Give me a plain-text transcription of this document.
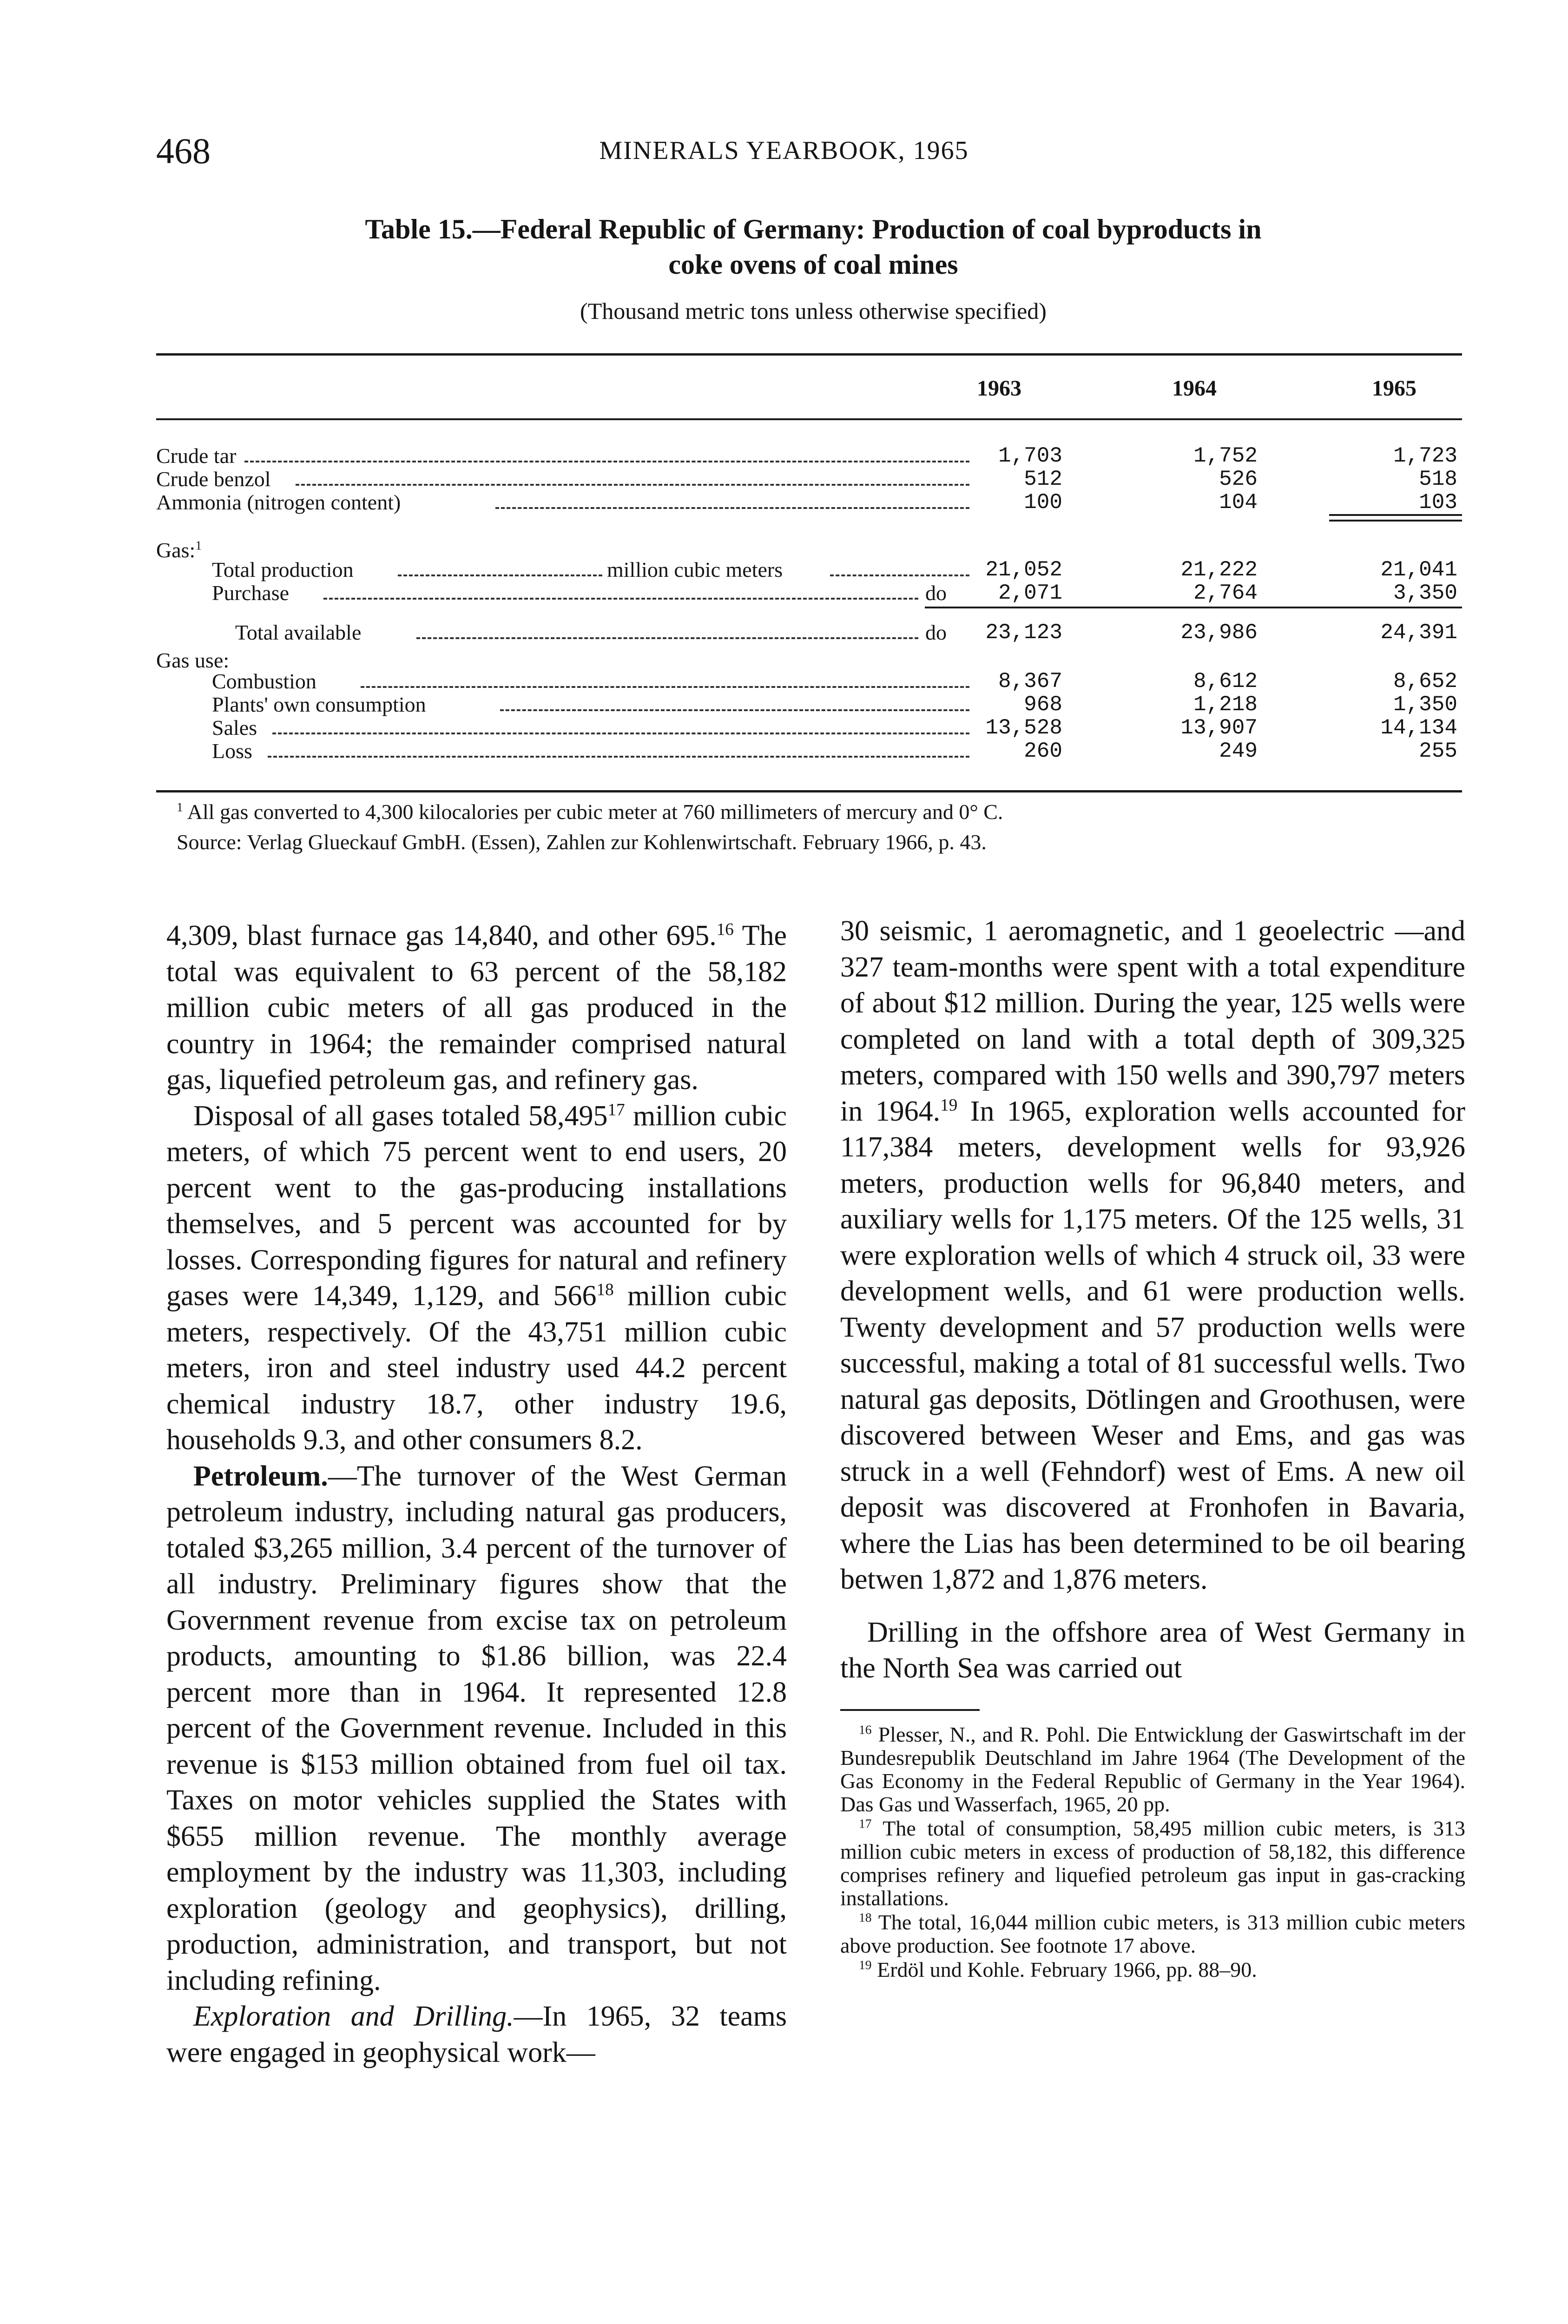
468	MINERALS YEARBOOK, 1965
Table 15.—Federal Republic of Germany: Production of coal byproducts in
coke ovens of coal mines
(Thousand metric tons unless otherwise specified)
1963	1964	1965
Crude tar	1,703	1,752	1,723
Crude benzol	512	526	518
Ammonia (nitrogen content)	100	104	103
Gas:$^1$
Total production	million cubic meters	21,052	21,222	21,041
Purchase	do	2,071	2,764	3,350
Total available	do	23,123	23,986	24,391
Gas use:
Combustion	8,367	8,612	8,652
Plants' own consumption	968	1,218	1,350
Sales	13,528	13,907	14,134
Loss	260	249	255
$^1$ All gas converted to 4,300 kilocalories per cubic meter at 760 millimeters of mercury and 0° C.
Source: Verlag Glueckauf GmbH. (Essen), Zahlen zur Kohlenwirtschaft. February 1966, p. 43.

4,309, blast furnace gas 14,840, and other 695.16 The total was equivalent to 63 percent of the 58,182 million cubic meters of all gas produced in the country in 1964; the remainder comprised natural gas, liquefied petroleum gas, and refinery gas.

Disposal of all gases totaled 58,495$^{17}$ million cubic meters, of which 75 percent went to end users, 20 percent went to the gas-producing installations themselves, and 5 percent was accounted for by losses. Corresponding figures for natural and refinery gases were 14,349, 1,129, and $566^{18}$ million cubic meters, respectively. Of the 43,751 million cubic meters, iron and steel industry used 44.2 percent chemical industry 18.7, other industry 19.6, households 9.3, and other consumers 8.2.

Petroleum.—The turnover of the West German petroleum industry, including natural gas producers, totaled $3,265 million, 3.4 percent of the turnover of all industry. Preliminary figures show that the Government revenue from excise tax on petroleum products, amounting to $1.86 billion, was 22.4 percent more than in 1964. It represented 12.8 percent of the Government revenue. Included in this revenue is $153 million obtained from fuel oil tax. Taxes on motor vehicles supplied the States with $655 million revenue. The monthly average employment by the industry was 11,303, including exploration (geology and geophysics), drilling, production, administration, and transport, but not including refining.

Exploration and Drilling.—In 1965, 32 teams were engaged in geophysical work—

30 seismic, 1 aeromagnetic, and 1 geoelectric —and 327 team-months were spent with a total expenditure of about $12 million. During the year, 125 wells were completed on land with a total depth of 309,325 meters, compared with 150 wells and 390,797 meters in 1964.19 In 1965, exploration wells accounted for 117,384 meters, development wells for 93,926 meters, production wells for 96,840 meters, and auxiliary wells for 1,175 meters. Of the 125 wells, 31 were exploration wells of which 4 struck oil, 33 were development wells, and 61 were production wells. Twenty development and 57 production wells were successful, making a total of 81 successful wells. Two natural gas deposits, Dötlingen and Groothusen, were discovered between Weser and Ems, and gas was struck in a well (Fehndorf) west of Ems. A new oil deposit was discovered at Fronhofen in Bavaria, where the Lias has been determined to be oil bearing betwen 1,872 and 1,876 meters.

Drilling in the offshore area of West Germany in the North Sea was carried out

$^{16}$ Plesser, N., and R. Pohl. Die Entwicklung der Gaswirtschaft im der Bundesrepublik Deutschland im Jahre 1964 (The Development of the Gas Economy in the Federal Republic of Germany in the Year 1964). Das Gas und Wasserfach, 1965, 20 pp.

$^{17}$ The total of consumption, 58,495 million cubic meters, is 313 million cubic meters in excess of production of 58,182, this difference comprises refinery and liquefied petroleum gas input in gas-cracking installations.

$^{18}$ The total, 16,044 million cubic meters, is 313 million cubic meters above production. See footnote 17 above.

$^{19}$ Erdöl und Kohle. February 1966, pp. 88–90.
